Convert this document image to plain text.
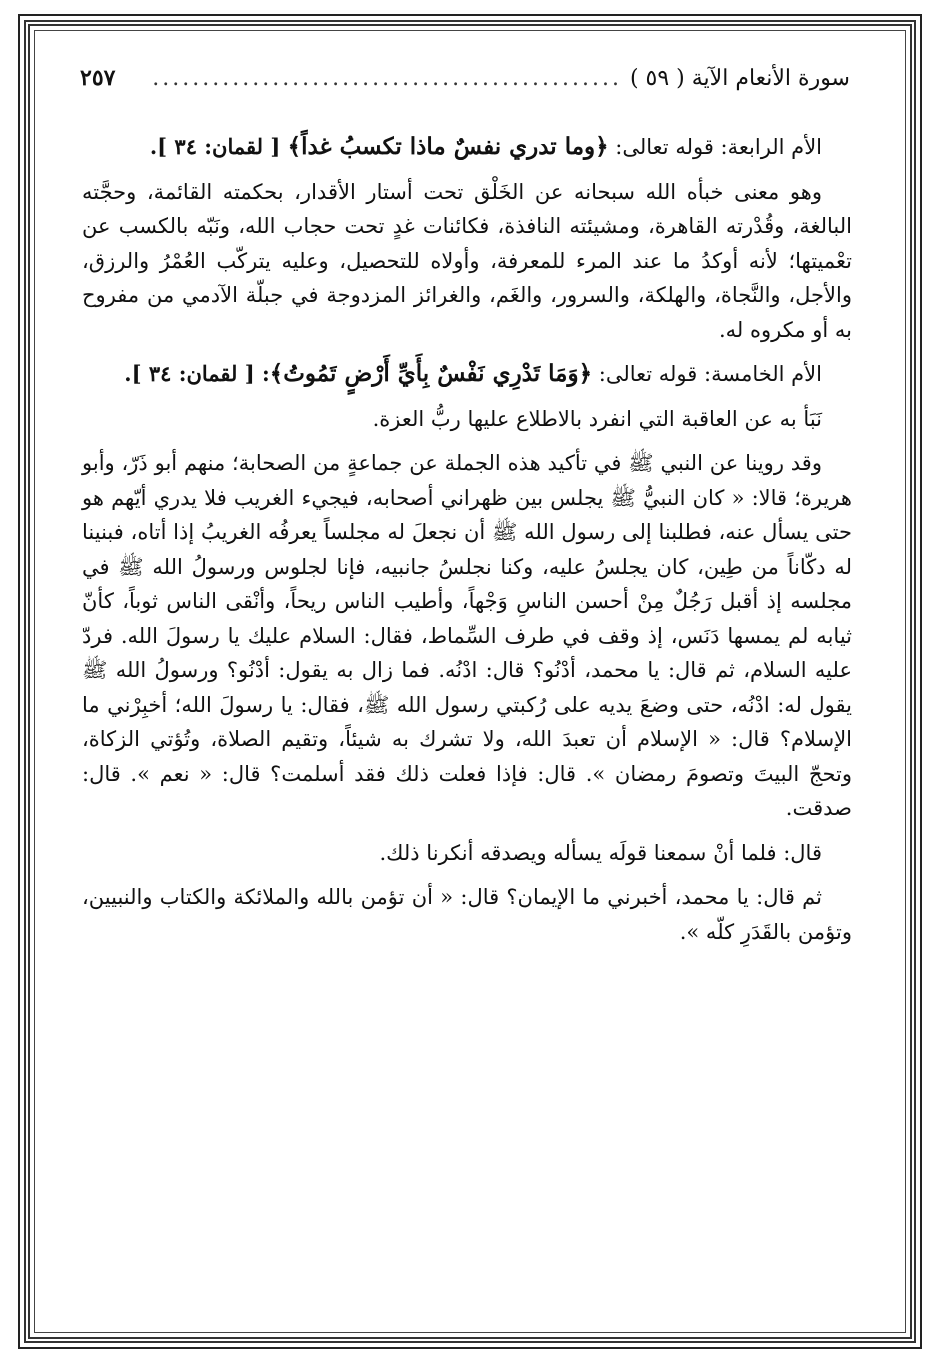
سورة الأنعام الآية ( ٥٩ )
...............................................
٢٥٧

الأم الرابعة: قوله تعالى: ﴿وما تدري نفسٌ ماذا تكسبُ غداً﴾ [ لقمان: ٣٤ ].

وهو معنى خبأه الله سبحانه عن الخَلْق تحت أستار الأقدار، بحكمته القائمة، وحجَّته البالغة، وقُدْرته القاهرة، ومشيئته النافذة، فكائنات غدٍ تحت حجاب الله، ونَبّه بالكسب عن تعْميتها؛ لأنه أوكدُ ما عند المرء للمعرفة، وأولاه للتحصيل، وعليه يتركّب العُمْرُ والرزق، والأجل، والنَّجاة، والهلكة، والسرور، والغَم، والغرائز المزدوجة في جبلّة الآدمي من مفروح به أو مكروه له.

الأم الخامسة: قوله تعالى: ﴿وَمَا تَدْرِي نَفْسٌ بِأَيِّ أَرْضٍ تَمُوتُ﴾: [ لقمان: ٣٤ ].

نَبَأ به عن العاقبة التي انفرد بالاطلاع عليها ربُّ العزة.

وقد روينا عن النبي ﷺ في تأكيد هذه الجملة عن جماعةٍ من الصحابة؛ منهم أبو ذَرّ، وأبو هريرة؛ قالا: « كان النبيُّ ﷺ يجلس بين ظهراني أصحابه، فيجيء الغريب فلا يدري أيّهم هو حتى يسأل عنه، فطلبنا إلى رسول الله ﷺ أن نجعلَ له مجلساً يعرفُه الغريبُ إذا أتاه، فبنينا له دكّاناً من طِين، كان يجلسُ عليه، وكنا نجلسُ جانبيه، فإنا لجلوس ورسولُ الله ﷺ في مجلسه إذ أقبل رَجُلٌ مِنْ أحسن الناسِ وَجْهاً، وأطيب الناس ريحاً، وأنْقى الناس ثوباً، كأنّ ثيابه لم يمسها دَنَس، إذ وقف في طرف السِّماط، فقال: السلام عليك يا رسولَ الله. فردّ عليه السلام، ثم قال: يا محمد، أدْنُو؟ قال: ادْنُه. فما زال به يقول: أدْنُو؟ ورسولُ الله ﷺ يقول له: ادْنُه، حتى وضعَ يديه على رُكبتي رسول الله ﷺ، فقال: يا رسولَ الله؛ أخبِرْني ما الإسلام؟ قال: « الإسلام أن تعبدَ الله، ولا تشرك به شيئاً، وتقيم الصلاة، وتُؤتي الزكاة، وتحجّ البيتَ وتصومَ رمضان ». قال: فإذا فعلت ذلك فقد أسلمت؟ قال: « نعم ». قال: صدقت.

قال: فلما أنْ سمعنا قولَه يسأله ويصدقه أنكرنا ذلك.

ثم قال: يا محمد، أخبرني ما الإيمان؟ قال: « أن تؤمن بالله والملائكة والكتاب والنبيين، وتؤمن بالقَدَرِ كلّه ».
